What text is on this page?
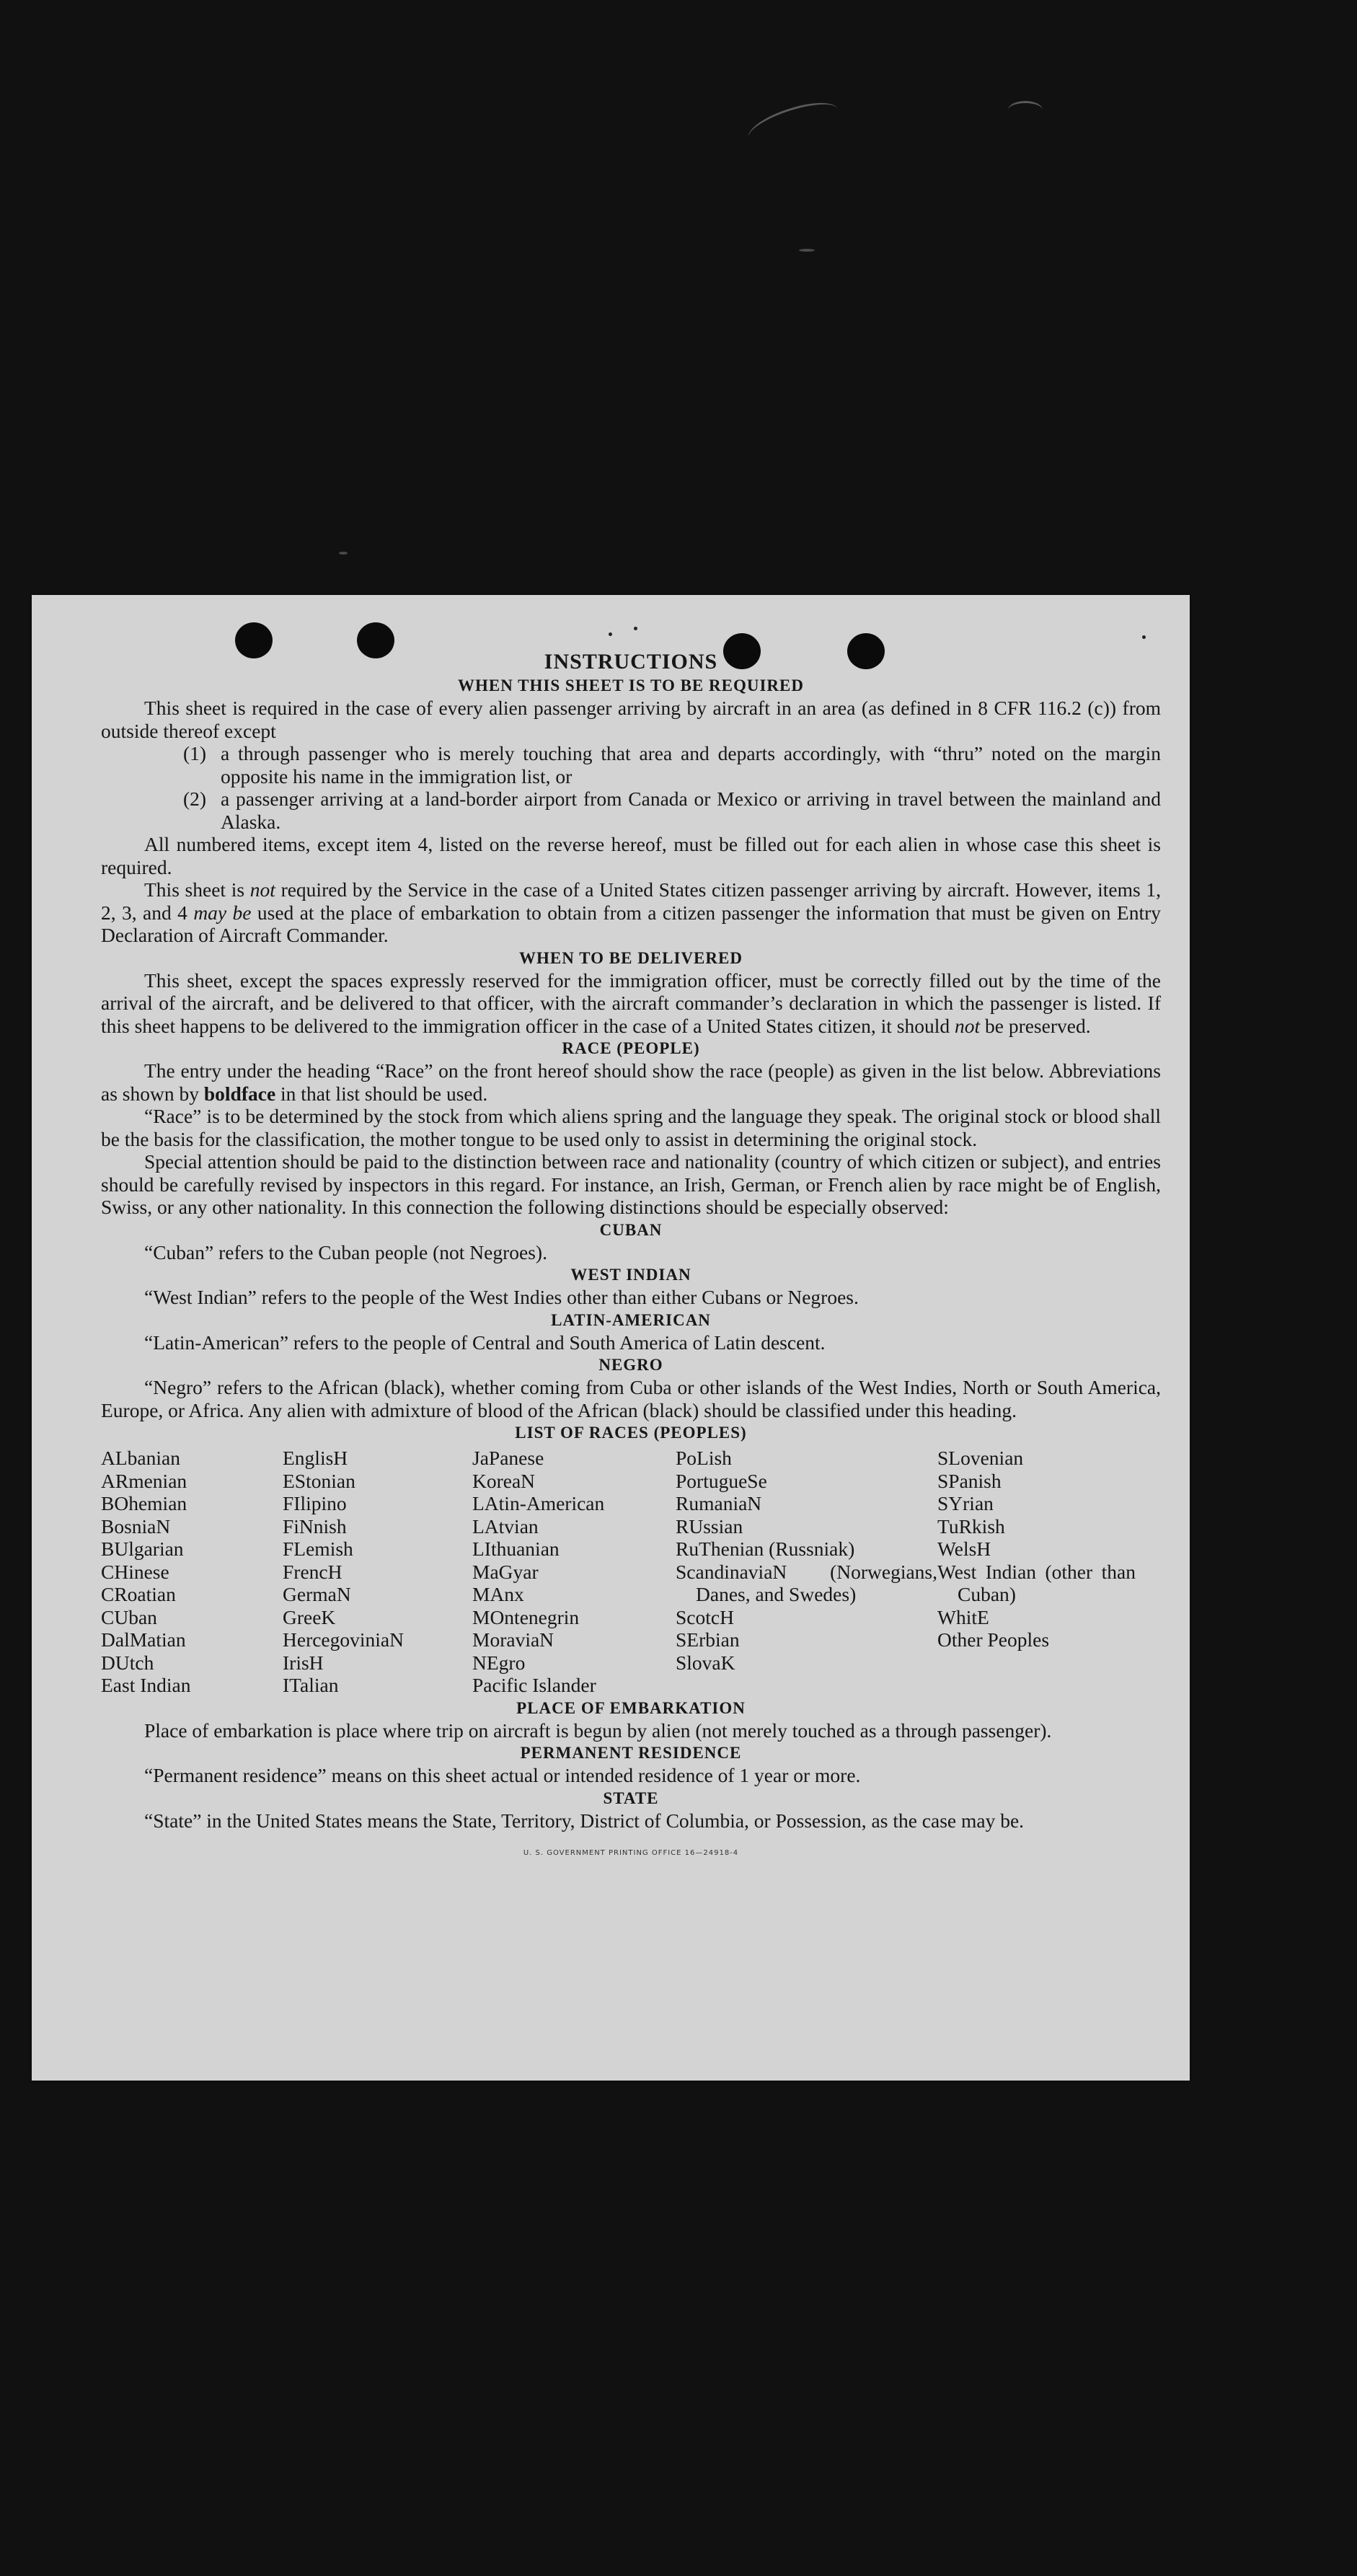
INSTRUCTIONS
WHEN THIS SHEET IS TO BE REQUIRED

This sheet is required in the case of every alien passenger arriving by aircraft in an area (as defined in 8 CFR 116.2 (c)) from outside thereof except

(1) a through passenger who is merely touching that area and departs accordingly, with “thru” noted on the margin opposite his name in the immigration list, or
(2) a passenger arriving at a land-border airport from Canada or Mexico or arriving in travel between the mainland and Alaska.

All numbered items, except item 4, listed on the reverse hereof, must be filled out for each alien in whose case this sheet is required.

This sheet is not required by the Service in the case of a United States citizen passenger arriving by aircraft. However, items 1, 2, 3, and 4 may be used at the place of embarkation to obtain from a citizen passenger the information that must be given on Entry Declaration of Aircraft Commander.

WHEN TO BE DELIVERED

This sheet, except the spaces expressly reserved for the immigration officer, must be correctly filled out by the time of the arrival of the aircraft, and be delivered to that officer, with the aircraft commander’s declaration in which the passenger is listed. If this sheet happens to be delivered to the immigration officer in the case of a United States citizen, it should not be preserved.

RACE (PEOPLE)

The entry under the heading “Race” on the front hereof should show the race (people) as given in the list below. Abbreviations as shown by boldface in that list should be used.

“Race” is to be determined by the stock from which aliens spring and the language they speak. The original stock or blood shall be the basis for the classification, the mother tongue to be used only to assist in determining the original stock.

Special attention should be paid to the distinction between race and nationality (country of which citizen or subject), and entries should be carefully revised by inspectors in this regard. For instance, an Irish, German, or French alien by race might be of English, Swiss, or any other nationality. In this connection the following distinctions should be especially observed:

CUBAN

“Cuban” refers to the Cuban people (not Negroes).

WEST INDIAN

“West Indian” refers to the people of the West Indies other than either Cubans or Negroes.

LATIN-AMERICAN

“Latin-American” refers to the people of Central and South America of Latin descent.

NEGRO

“Negro” refers to the African (black), whether coming from Cuba or other islands of the West Indies, North or South America, Europe, or Africa. Any alien with admixture of blood of the African (black) should be classified under this heading.

LIST OF RACES (PEOPLES)
ALbanian
ARmenian
BOhemian
BosniaN
BUlgarian
CHinese
CRoatian
CUban
DalMatian
DUtch
East Indian
EnglisH
EStonian
FIlipino
FiNnish
FLemish
FrencH
GermaN
GreeK
HercegoviniaN
IrisH
ITalian
JaPanese
KoreaN
LAtin-American
LAtvian
LIthuanian
MaGyar
MAnx
MOntenegrin
MoraviaN
NEgro
Pacific Islander
PoLish
PortugueSe
RumaniaN
RUssian
RuThenian (Russniak)
ScandinaviaN (Norwegians, Danes, and Swedes)
ScotcH
SErbian
SlovaK
SLovenian
SPanish
SYrian
TuRkish
WelsH
West Indian (other than Cuban)
WhitE
Other Peoples
PLACE OF EMBARKATION

Place of embarkation is place where trip on aircraft is begun by alien (not merely touched as a through passenger).

PERMANENT RESIDENCE

“Permanent residence” means on this sheet actual or intended residence of 1 year or more.

STATE

“State” in the United States means the State, Territory, District of Columbia, or Possession, as the case may be.

U. S. GOVERNMENT PRINTING OFFICE 16—24918-4
